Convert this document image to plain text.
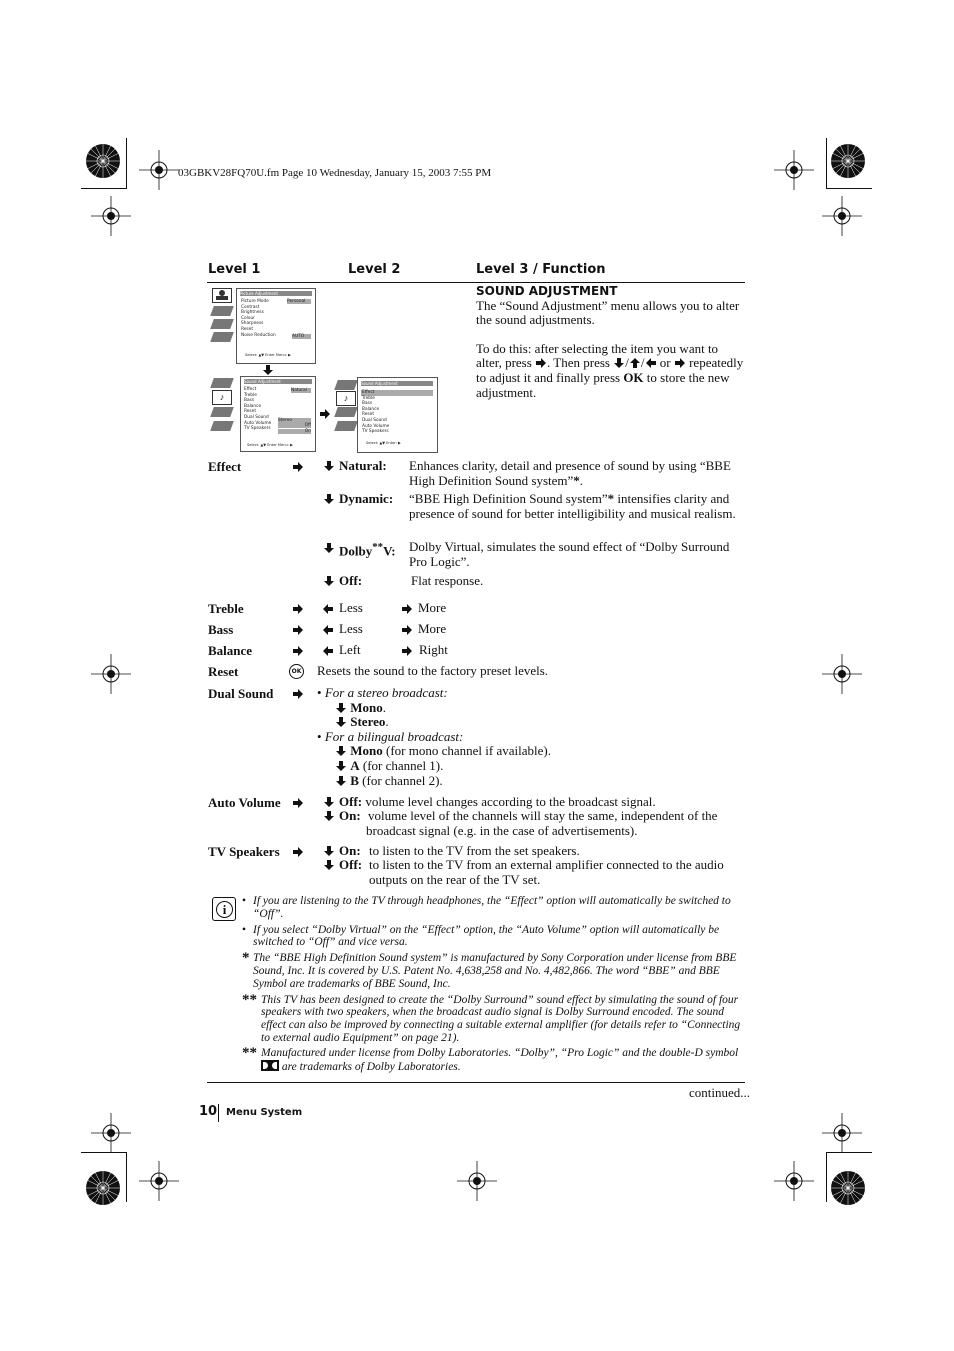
03GBKV28FQ70U.fm Page 10 Wednesday, January 15, 2003 7:55 PM
Level 1	Level 2	Level 3 / Function
Picture Adjustment
Picture Mode
Contrast
Brightness
Colour
Sharpness
Reset
Noise Reduction
Personal
AUTO
Select: ▲▼ Enter Menu: ▶
♪
Sound Adjustment
Effect
Treble
Bass
Balance
Reset
Dual Sound
Auto Volume
TV Speakers
Natural
Stereo
Off
On
Select: ▲▼ Enter Menu: ▶
♪
Sound Adjustment
Effect
Treble
Bass
Balance
Reset
Dual Sound
Auto Volume
TV Speakers
Select: ▲▼ Enter: ▶
SOUND ADJUSTMENT
The “Sound Adjustment” menu allows you to alter the sound adjustments.
To do this: after selecting the item you want to alter, press . Then press / / or repeatedly to adjust it and finally press OK to store the new adjustment.
Effect	Natural: Enhances clarity, detail and presence of sound by using “BBE High Definition Sound system”*.
Dynamic: “BBE High Definition Sound system”* intensifies clarity and presence of sound for better intelligibility and musical realism.
Dolby**V: Dolby Virtual, simulates the sound effect of “Dolby Surround Pro Logic”.
Off:	Flat response.
Treble	Less	More
Bass	Less	More
Balance	Left	Right
Reset	OK Resets the sound to the factory preset levels.
Dual Sound	• For a stereo broadcast:
Mono.
Stereo.
• For a bilingual broadcast:
Mono (for mono channel if available).
A (for channel 1).
B (for channel 2).
Auto Volume	Off: volume level changes according to the broadcast signal.
On: volume level of the channels will stay the same, independent of the broadcast signal (e.g. in the case of advertisements).
TV Speakers	On: to listen to the TV from the set speakers.
Off: to listen to the TV from an external amplifier connected to the audio outputs on the rear of the TV set.
i
• If you are listening to the TV through headphones, the “Effect” option will automatically be switched to “Off”.
• If you select “Dolby Virtual” on the “Effect” option, the “Auto Volume” option will automatically be switched to “Off” and vice versa.
* The “BBE High Definition Sound system” is manufactured by Sony Corporation under license from BBE Sound, Inc. It is covered by U.S. Patent No. 4,638,258 and No. 4,482,866. The word “BBE” and BBE Symbol are trademarks of BBE Sound, Inc.
** This TV has been designed to create the “Dolby Surround” sound effect by simulating the sound of four speakers with two speakers, when the broadcast audio signal is Dolby Surround encoded. The sound effect can also be improved by connecting a suitable external amplifier (for details refer to “Connecting to external audio Equipment” on page 21).
** Manufactured under license from Dolby Laboratories. “Dolby”, “Pro Logic” and the double-D symbol
are trademarks of Dolby Laboratories.
continued...
10 Menu System
